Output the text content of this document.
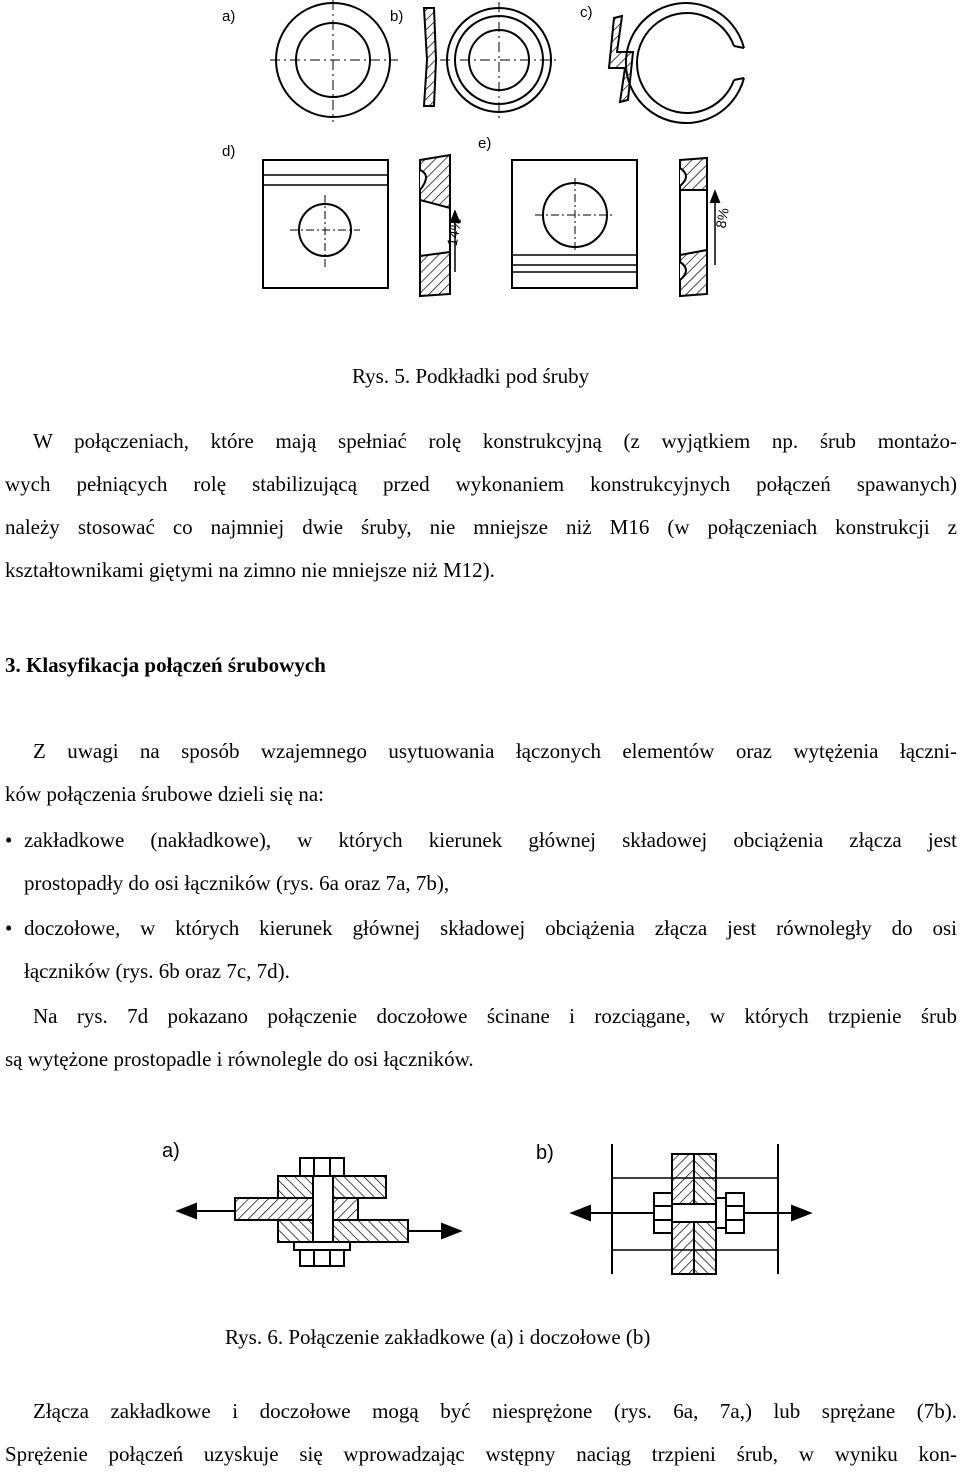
a)	b)	c)
d)	e)
14%	8%
Rys. 5. Podkładki pod śruby
W połączeniach, które mają spełniać rolę konstrukcyjną (z wyjątkiem np. śrub montażo-
wych pełniących rolę stabilizującą przed wykonaniem konstrukcyjnych połączeń spawanych)
należy stosować co najmniej dwie śruby, nie mniejsze niż M16 (w połączeniach konstrukcji z
kształtownikami giętymi na zimno nie mniejsze niż M12).
3. Klasyfikacja połączeń śrubowych
Z uwagi na sposób wzajemnego usytuowania łączonych elementów oraz wytężenia łączni-
ków połączenia śrubowe dzieli się na:
• zakładkowe (nakładkowe), w których kierunek głównej składowej obciążenia złącza jest
prostopadły do osi łączników (rys. 6a oraz 7a, 7b),
• doczołowe, w których kierunek głównej składowej obciążenia złącza jest równoległy do osi
łączników (rys. 6b oraz 7c, 7d).
Na rys. 7d pokazano połączenie doczołowe ścinane i rozciągane, w których trzpienie śrub
są wytężone prostopadle i równolegle do osi łączników.
a)	b)
Rys. 6. Połączenie zakładkowe (a) i doczołowe (b)
Złącza zakładkowe i doczołowe mogą być niesprężone (rys. 6a, 7a,) lub sprężane (7b).
Sprężenie połączeń uzyskuje się wprowadzając wstępny naciąg trzpieni śrub, w wyniku kon-
